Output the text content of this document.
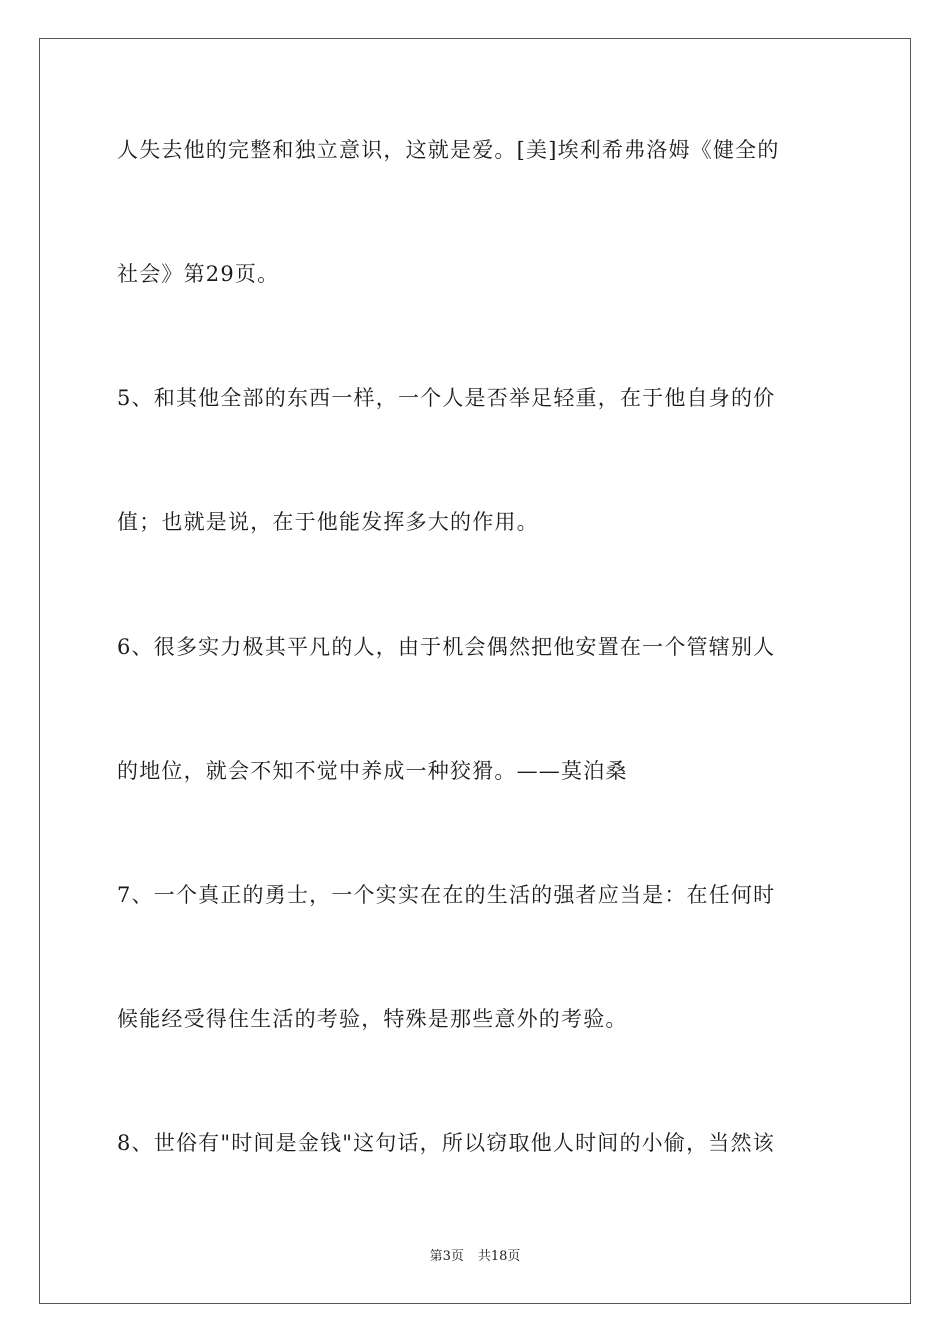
人失去他的完整和独立意识，这就是爱。[美]埃利希弗洛姆《健全的
社会》第29页。
5、和其他全部的东西一样，一个人是否举足轻重，在于他自身的价
值；也就是说，在于他能发挥多大的作用。
6、很多实力极其平凡的人，由于机会偶然把他安置在一个管辖别人
的地位，就会不知不觉中养成一种狡猾。——莫泊桑
7、一个真正的勇士，一个实实在在的生活的强者应当是：在任何时
候能经受得住生活的考验，特殊是那些意外的考验。
8、世俗有"时间是金钱"这句话，所以窃取他人时间的小偷，当然该
第3页 共18页
